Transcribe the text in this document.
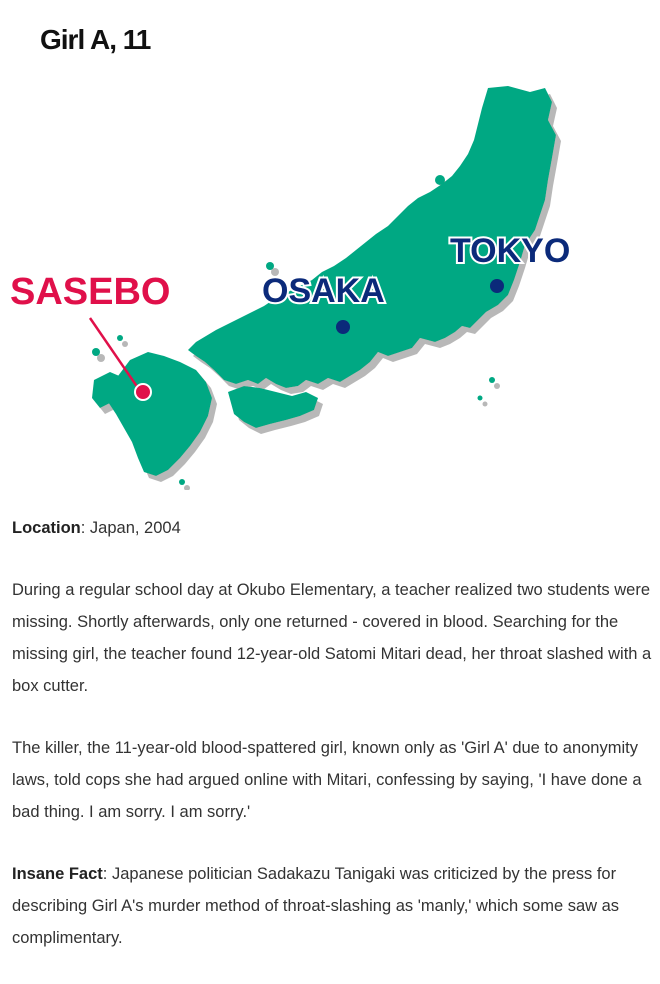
Girl A, 11
SASEBO	OSAKA
TOKYO

Location: Japan, 2004

During a regular school day at Okubo Elementary, a teacher realized two students were missing. Shortly afterwards, only one returned - covered in blood. Searching for the missing girl, the teacher found 12-year-old Satomi Mitari dead, her throat slashed with a box cutter.

The killer, the 11-year-old blood-spattered girl, known only as 'Girl A' due to anonymity laws, told cops she had argued online with Mitari, confessing by saying, 'I have done a bad thing. I am sorry. I am sorry.'

Insane Fact: Japanese politician Sadakazu Tanigaki was criticized by the press for describing Girl A's murder method of throat-slashing as 'manly,' which some saw as complimentary.
